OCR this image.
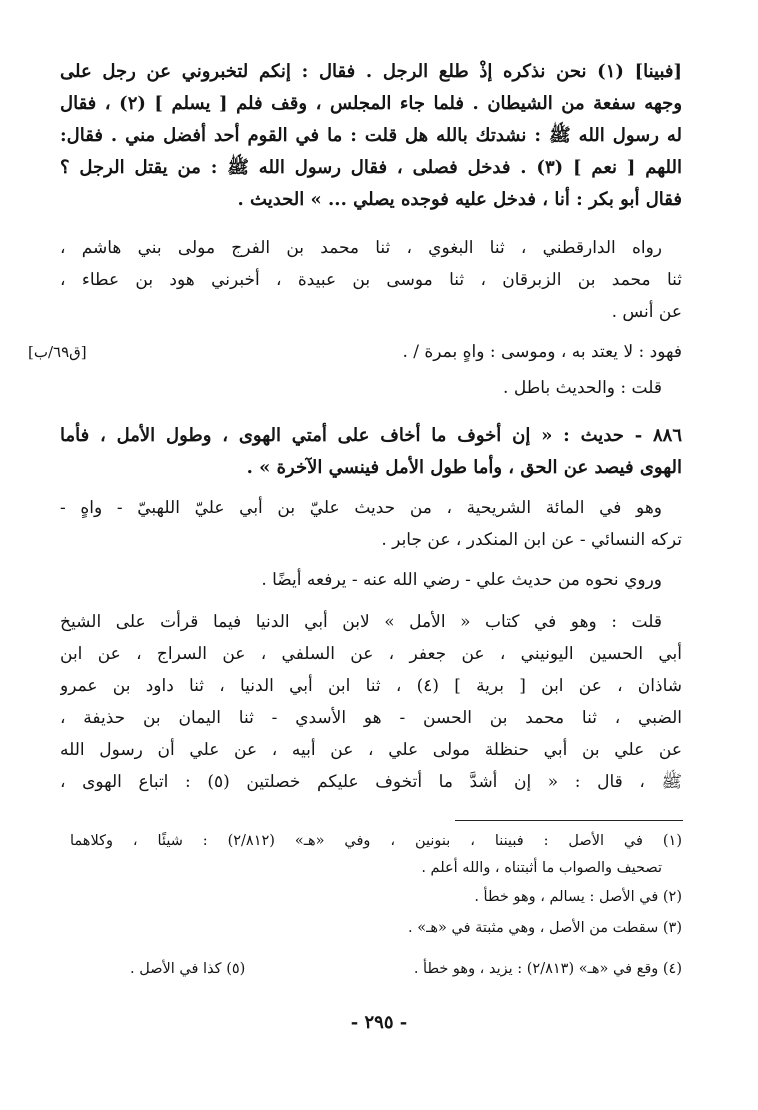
[فبينا] (١) نحن نذكره إذْ طلع الرجل . فقال : إنكم لتخبروني عن رجل على
وجهه سفعة من الشيطان . فلما جاء المجلس ، وقف فلم [ يسلم ] (٢) ، فقال
له رسول الله ﷺ : نشدتك بالله هل قلت : ما في القوم أحد أفضل مني . فقال:
اللهم [ نعم ] (٣) . فدخل فصلى ، فقال رسول الله ﷺ : من يقتل الرجل ؟
فقال أبو بكر : أنا ، فدخل عليه فوجده يصلي ... » الحديث .
رواه الدارقطني ، ثنا البغوي ، ثنا محمد بن الفرج مولى بني هاشم ،
ثنا محمد بن الزبرقان ، ثنا موسى بن عبيدة ، أخبرني هود بن عطاء ،
عن أنس .
فهود : لا يعتد به ، وموسى : واهٍ بمرة / .
[ق٦٩/ب]
قلت : والحديث باطل .
٨٨٦ - حديث : « إن أخوف ما أخاف على أمتي الهوى ، وطول الأمل ، فأما
الهوى فيصد عن الحق ، وأما طول الأمل فينسي الآخرة » .
وهو في المائة الشريحية ، من حديث عليّ بن أبي عليّ اللهبيّ - واهٍ -
تركه النسائي - عن ابن المنكدر ، عن جابر .
وروي نحوه من حديث علي - رضي الله عنه - يرفعه أيضًا .
قلت : وهو في كتاب « الأمل » لابن أبي الدنيا فيما قرأت على الشيخ
أبي الحسين اليونيني ، عن جعفر ، عن السلفي ، عن السراج ، عن ابن
شاذان ، عن ابن [ برية ] (٤) ، ثنا ابن أبي الدنيا ، ثنا داود بن عمرو
الضبي ، ثنا محمد بن الحسن - هو الأسدي - ثنا اليمان بن حذيفة ،
عن علي بن أبي حنظلة مولى علي ، عن أبيه ، عن علي أن رسول الله
ﷺ ، قال : « إن أشدَّ ما أتخوف عليكم خصلتين (٥) : اتباع الهوى ،
(١) في الأصل : فبيننا ، بنونين ، وفي «هـ» (٢/٨١٢) : شيئًا ، وكلاهما
تصحيف والصواب ما أثبتناه ، والله أعلم .
(٢) في الأصل : يسالم ، وهو خطأ .
(٣) سقطت من الأصل ، وهي مثبتة في «هـ» .
(٤) وقع في «هـ» (٢/٨١٣) : يزيد ، وهو خطأ .
(٥) كذا في الأصل .
- ٢٩٥ -
